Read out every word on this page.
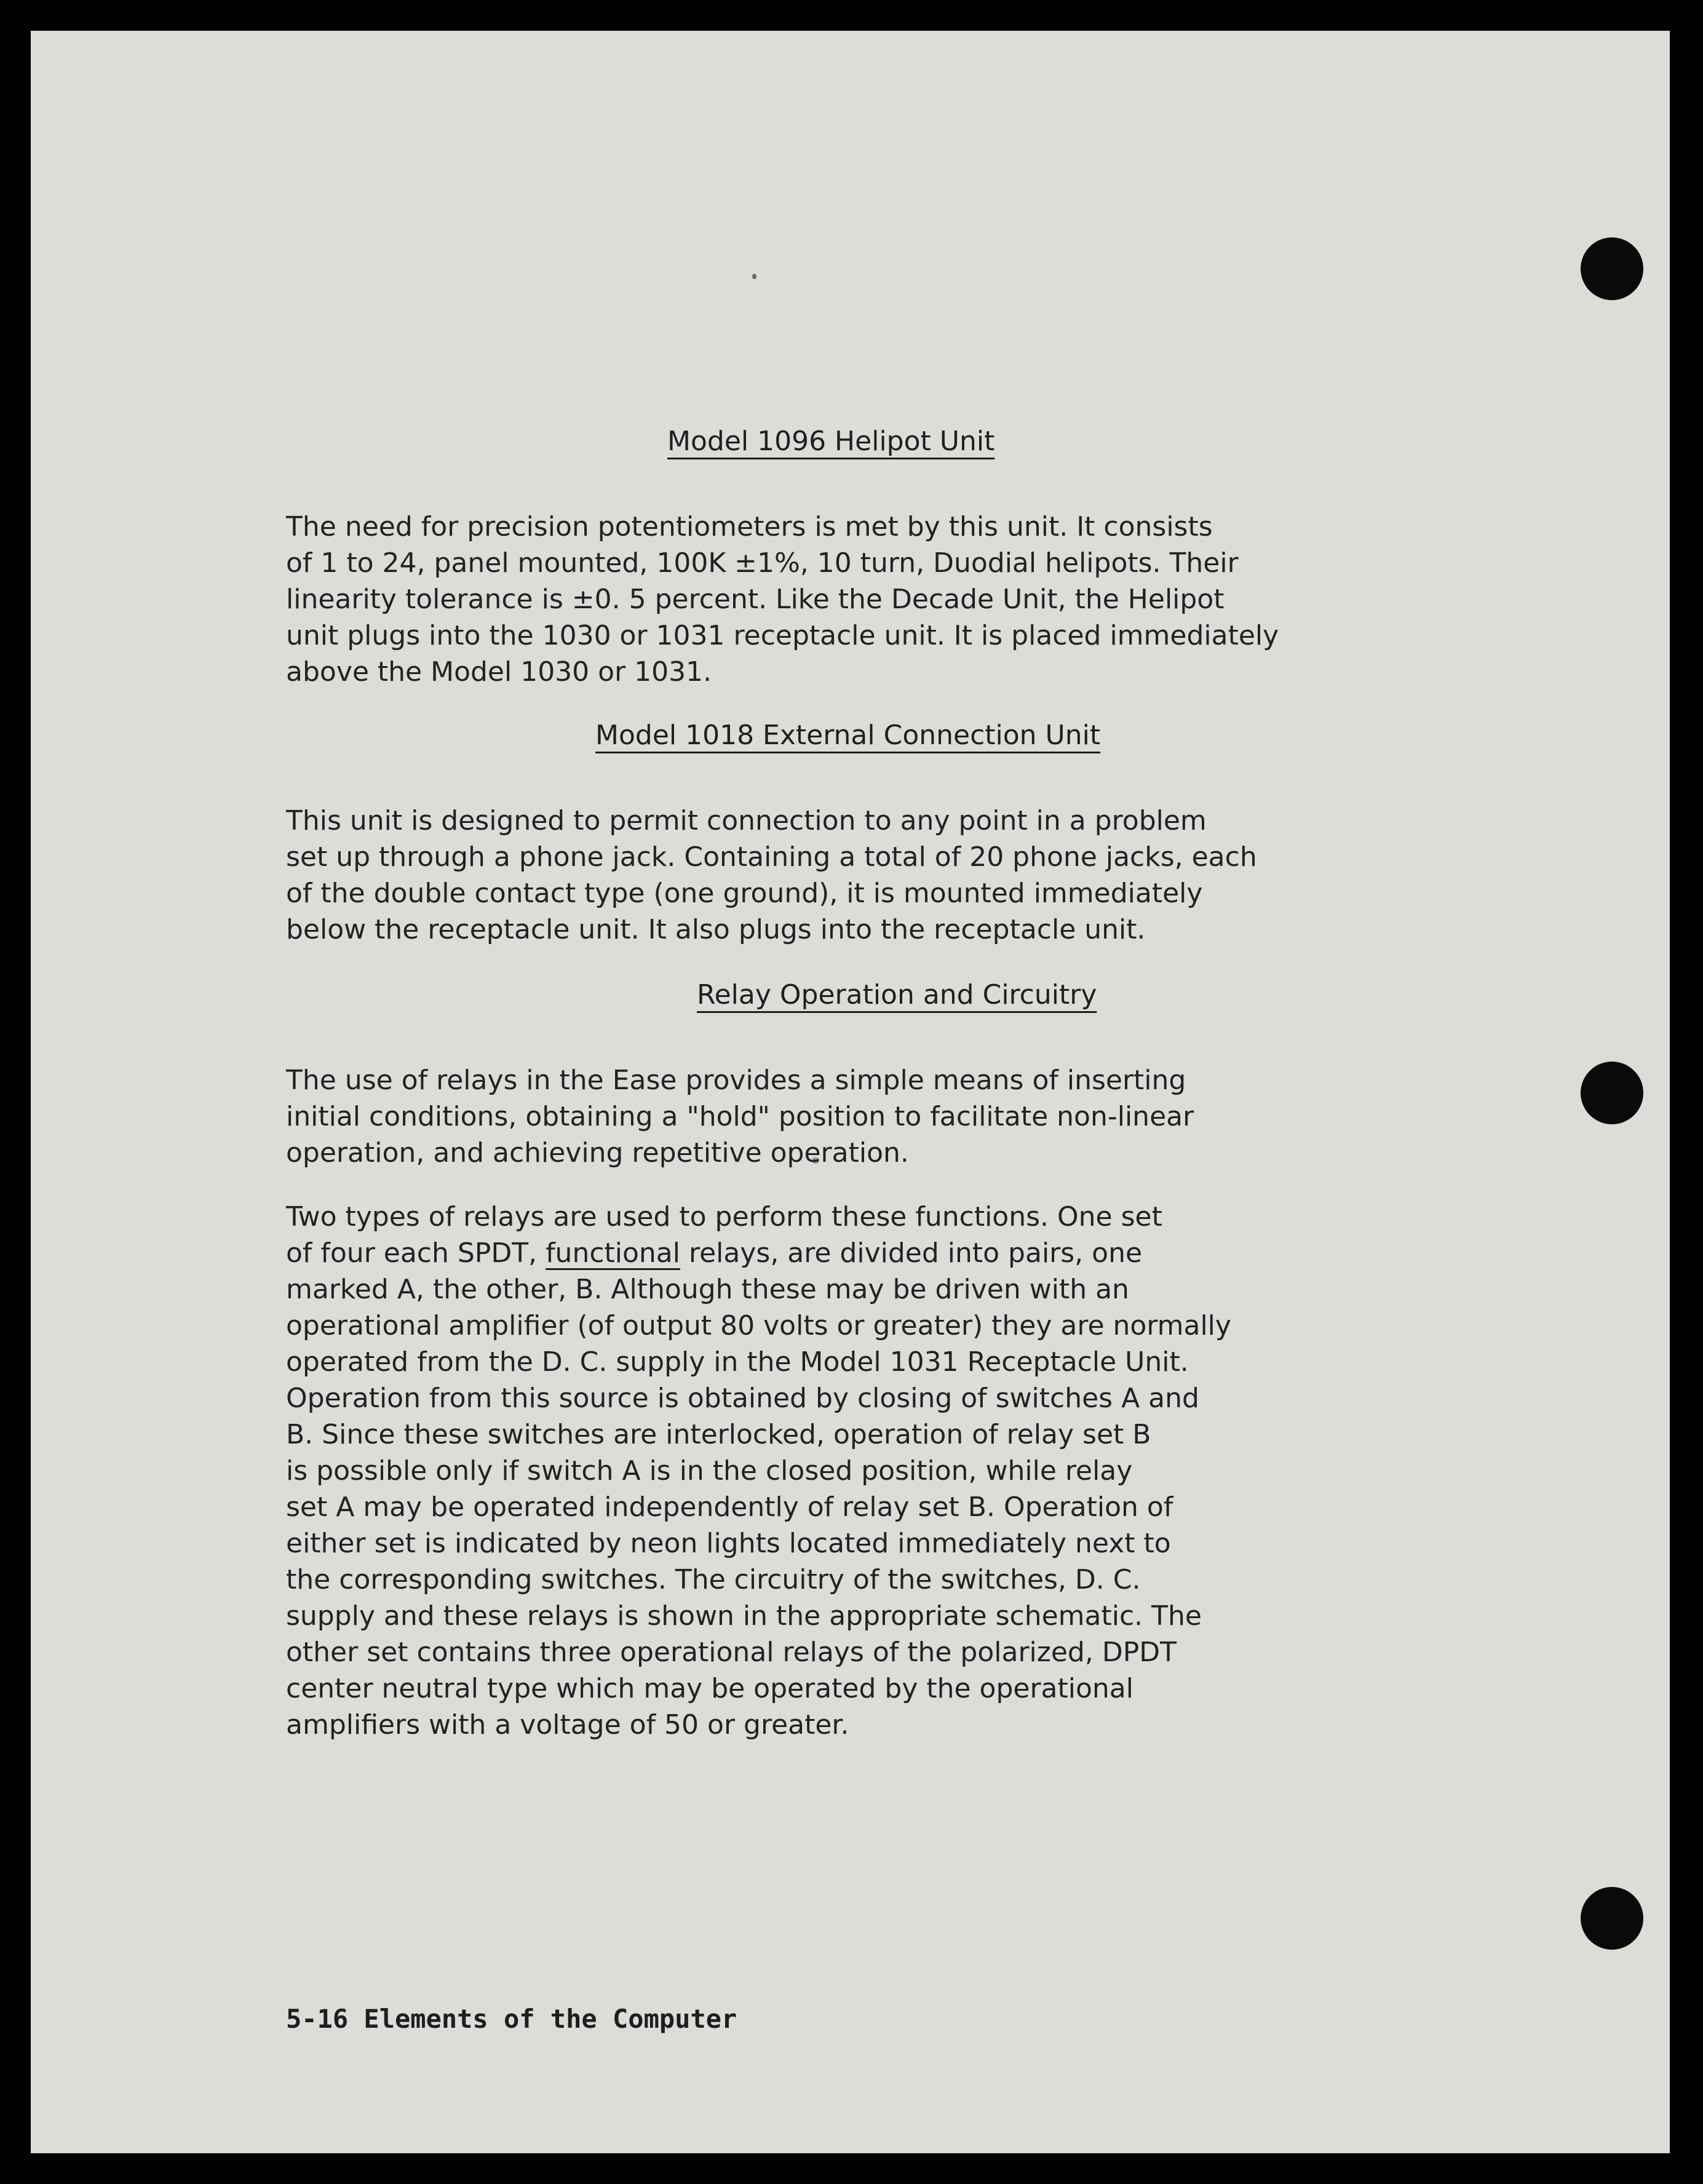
Model 1096 Helipot Unit
The need for precision potentiometers is met by this unit. It consists
of 1 to 24, panel mounted, 100K ±1%, 10 turn, Duodial helipots. Their
linearity tolerance is ±0. 5 percent. Like the Decade Unit, the Helipot
unit plugs into the 1030 or 1031 receptacle unit. It is placed immediately
above the Model 1030 or 1031.
Model 1018 External Connection Unit
This unit is designed to permit connection to any point in a problem
set up through a phone jack. Containing a total of 20 phone jacks, each
of the double contact type (one ground), it is mounted immediately
below the receptacle unit. It also plugs into the receptacle unit.
Relay Operation and Circuitry
The use of relays in the Ease provides a simple means of inserting
initial conditions, obtaining a "hold" position to facilitate non-linear
operation, and achieving repetitive operation.
Two types of relays are used to perform these functions. One set
of four each SPDT, functional relays, are divided into pairs, one
marked A, the other, B. Although these may be driven with an
operational amplifier (of output 80 volts or greater) they are normally
operated from the D. C. supply in the Model 1031 Receptacle Unit.
Operation from this source is obtained by closing of switches A and
B. Since these switches are interlocked, operation of relay set B
is possible only if switch A is in the closed position, while relay
set A may be operated independently of relay set B. Operation of
either set is indicated by neon lights located immediately next to
the corresponding switches. The circuitry of the switches, D. C.
supply and these relays is shown in the appropriate schematic. The
other set contains three operational relays of the polarized, DPDT
center neutral type which may be operated by the operational
amplifiers with a voltage of 50 or greater.
5-16 Elements of the Computer
